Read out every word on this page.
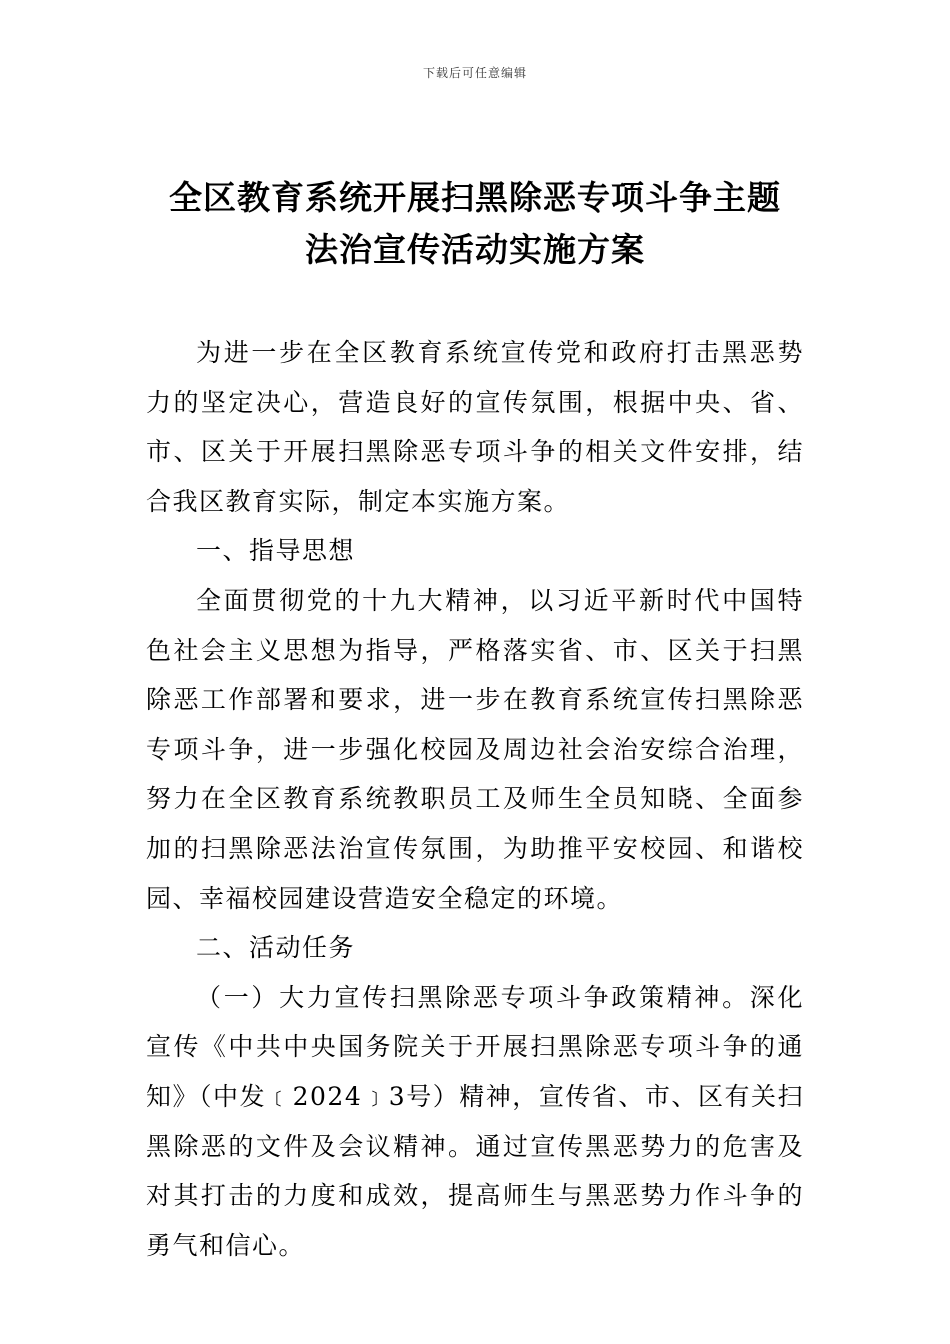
下载后可任意编辑
全区教育系统开展扫黑除恶专项斗争主题
法治宣传活动实施方案

为进一步在全区教育系统宣传党和政府打击黑恶势力的坚定决心，营造良好的宣传氛围，根据中央、省、市、区关于开展扫黑除恶专项斗争的相关文件安排，结合我区教育实际，制定本实施方案。

一、指导思想

全面贯彻党的十九大精神，以习近平新时代中国特色社会主义思想为指导，严格落实省、市、区关于扫黑除恶工作部署和要求，进一步在教育系统宣传扫黑除恶专项斗争，进一步强化校园及周边社会治安综合治理，努力在全区教育系统教职员工及师生全员知晓、全面参加的扫黑除恶法治宣传氛围，为助推平安校园、和谐校园、幸福校园建设营造安全稳定的环境。

二、活动任务

（一）大力宣传扫黑除恶专项斗争政策精神。深化宣传《中共中央国务院关于开展扫黑除恶专项斗争的通知》（中发﹝2024﹞3号）精神，宣传省、市、区有关扫黑除恶的文件及会议精神。通过宣传黑恶势力的危害及对其打击的力度和成效，提高师生与黑恶势力作斗争的勇气和信心。
